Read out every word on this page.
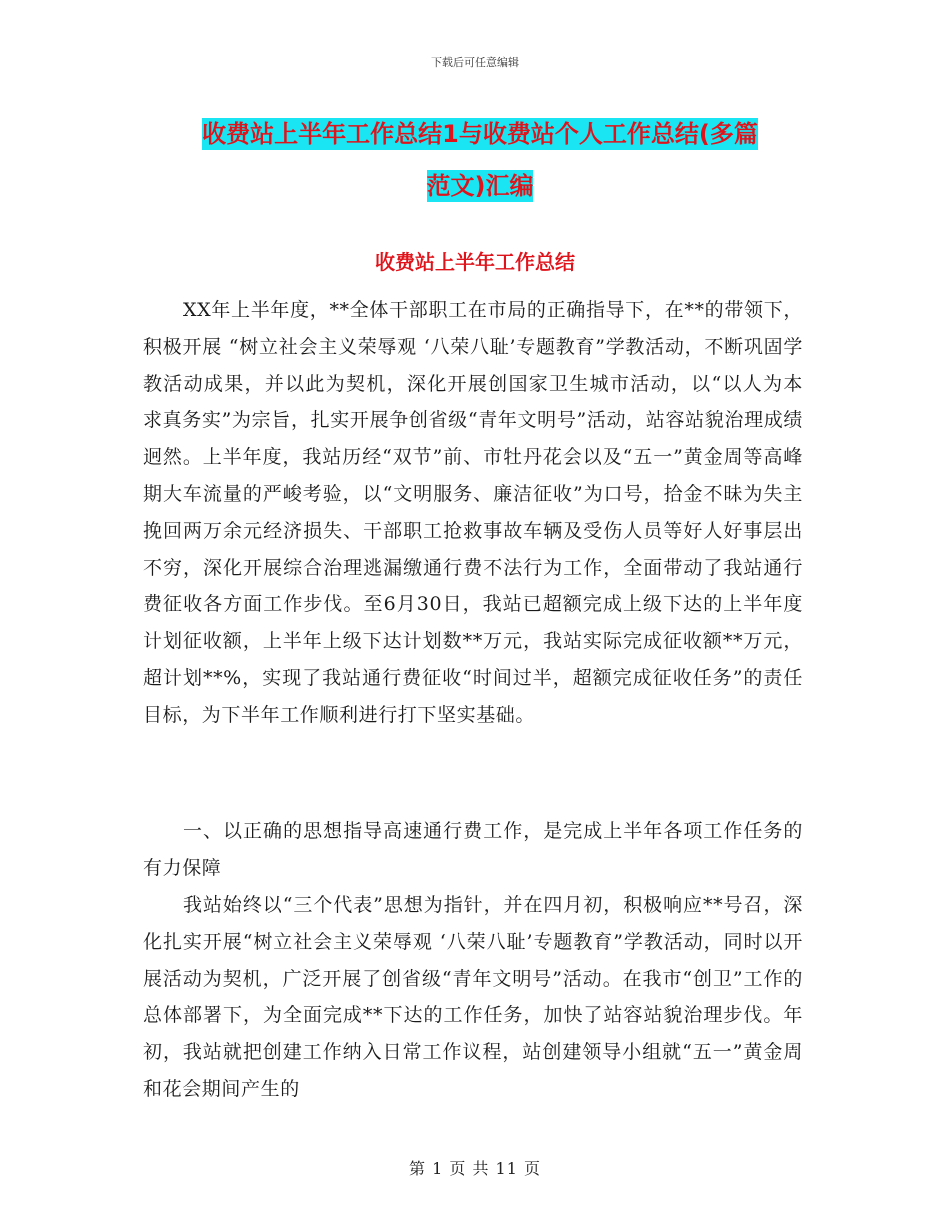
下载后可任意编辑
收费站上半年工作总结1与收费站个人工作总结(多篇
范文)汇编
收费站上半年工作总结
XX年上半年度，**全体干部职工在市局的正确指导下，在**的带领下，积极开展 “树立社会主义荣辱观 ‘八荣八耻’专题教育”学教活动，不断巩固学教活动成果，并以此为契机，深化开展创国家卫生城市活动，以“以人为本 求真务实”为宗旨，扎实开展争创省级“青年文明号”活动，站容站貌治理成绩迥然。上半年度，我站历经“双节”前、市牡丹花会以及“五一”黄金周等高峰期大车流量的严峻考验，以“文明服务、廉洁征收”为口号，拾金不昧为失主挽回两万余元经济损失、干部职工抢救事故车辆及受伤人员等好人好事层出不穷，深化开展综合治理逃漏缴通行费不法行为工作，全面带动了我站通行费征收各方面工作步伐。至6月30日，我站已超额完成上级下达的上半年度计划征收额，上半年上级下达计划数**万元，我站实际完成征收额**万元，超计划**%，实现了我站通行费征收“时间过半，超额完成征收任务”的责任目标，为下半年工作顺利进行打下坚实基础。
一、以正确的思想指导高速通行费工作，是完成上半年各项工作任务的有力保障
我站始终以“三个代表”思想为指针，并在四月初，积极响应**号召，深化扎实开展“树立社会主义荣辱观 ‘八荣八耻’专题教育”学教活动，同时以开展活动为契机，广泛开展了创省级“青年文明号”活动。在我市“创卫”工作的总体部署下，为全面完成**下达的工作任务，加快了站容站貌治理步伐。年初，我站就把创建工作纳入日常工作议程，站创建领导小组就“五一”黄金周和花会期间产生的
第 1 页 共 11 页
